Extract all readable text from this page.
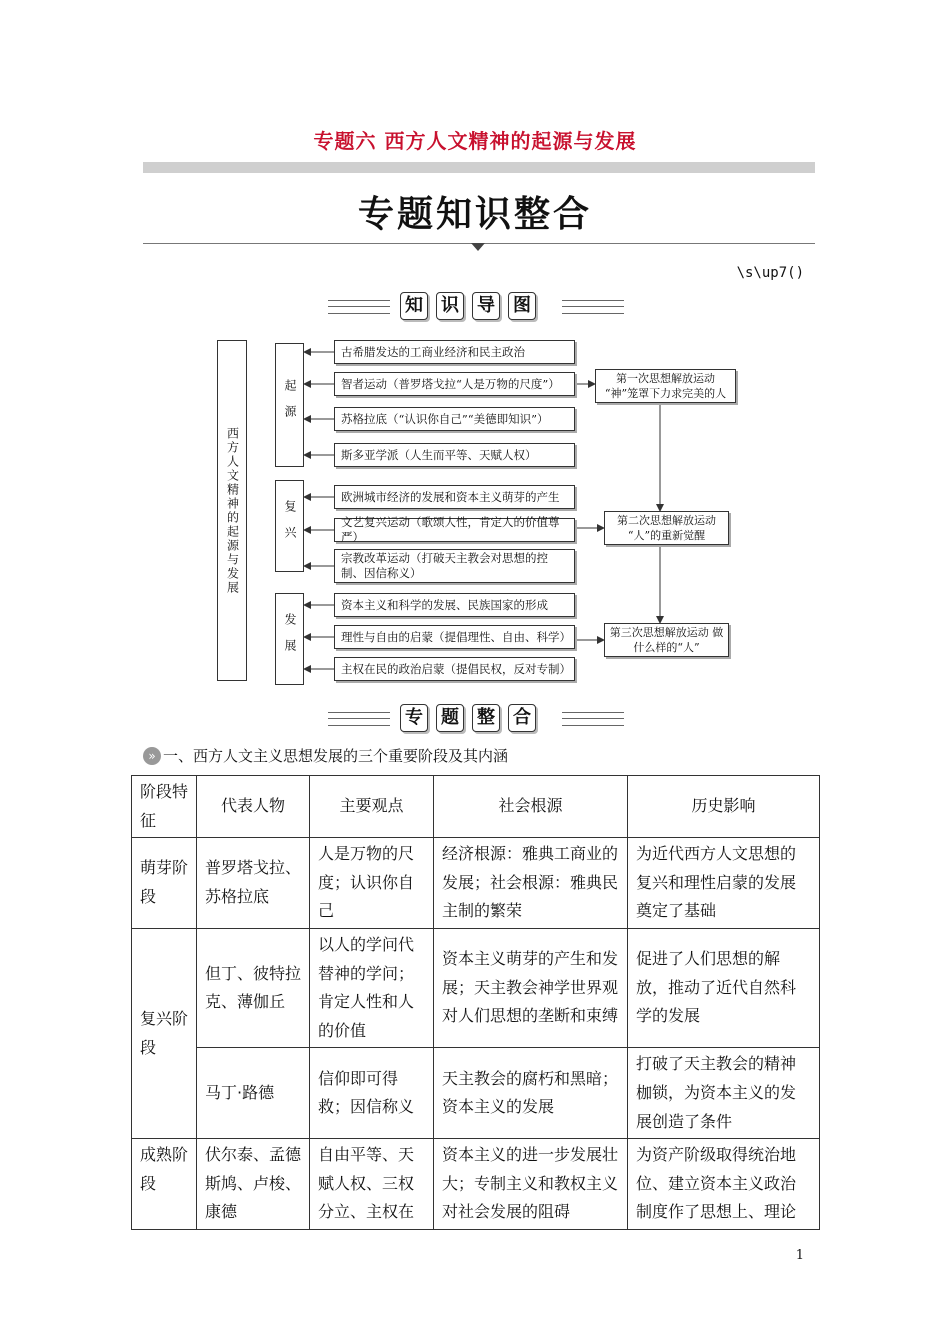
专题六 西方人文精神的起源与发展
专题知识整合
\s\up7()
知 识 导 图
西方人文精神的起源与发展
起源
复兴
发展
古希腊发达的工商业经济和民主政治
智者运动（普罗塔戈拉“人是万物的尺度”）
苏格拉底（“认识你自己”“美德即知识”）
斯多亚学派（人生而平等、天赋人权）
欧洲城市经济的发展和资本主义萌芽的产生
文艺复兴运动（歌颂人性，肯定人的价值尊严）
宗教改革运动（打破天主教会对思想的控制、因信称义）
资本主义和科学的发展、民族国家的形成
理性与自由的启蒙（提倡理性、自由、科学）
主权在民的政治启蒙（提倡民权，反对专制）
第一次思想解放运动 “神”笼罩下力求完美的人
第二次思想解放运动 “人”的重新觉醒
第三次思想解放运动 做什么样的“人”
专 题 整 合
» 一、西方人文主义思想发展的三个重要阶段及其内涵
阶段特征	代表人物	主要观点	社会根源	历史影响
萌芽阶段	普罗塔戈拉、苏格拉底	人是万物的尺度；认识你自己	经济根源：雅典工商业的发展；社会根源：雅典民主制的繁荣	为近代西方人文思想的复兴和理性启蒙的发展奠定了基础
复兴阶段	但丁、彼特拉克、薄伽丘	以人的学问代替神的学问；肯定人性和人的价值	资本主义萌芽的产生和发展；天主教会神学世界观对人们思想的垄断和束缚	促进了人们思想的解放，推动了近代自然科学的发展
	马丁·路德	信仰即可得救；因信称义	天主教会的腐朽和黑暗；资本主义的发展	打破了天主教会的精神枷锁，为资本主义的发展创造了条件
成熟阶段	伏尔泰、孟德斯鸠、卢梭、康德	自由平等、天赋人权、三权分立、主权在	资本主义的进一步发展壮大；专制主义和教权主义对社会发展的阻碍	为资产阶级取得统治地位、建立资本主义政治制度作了思想上、理论
1
